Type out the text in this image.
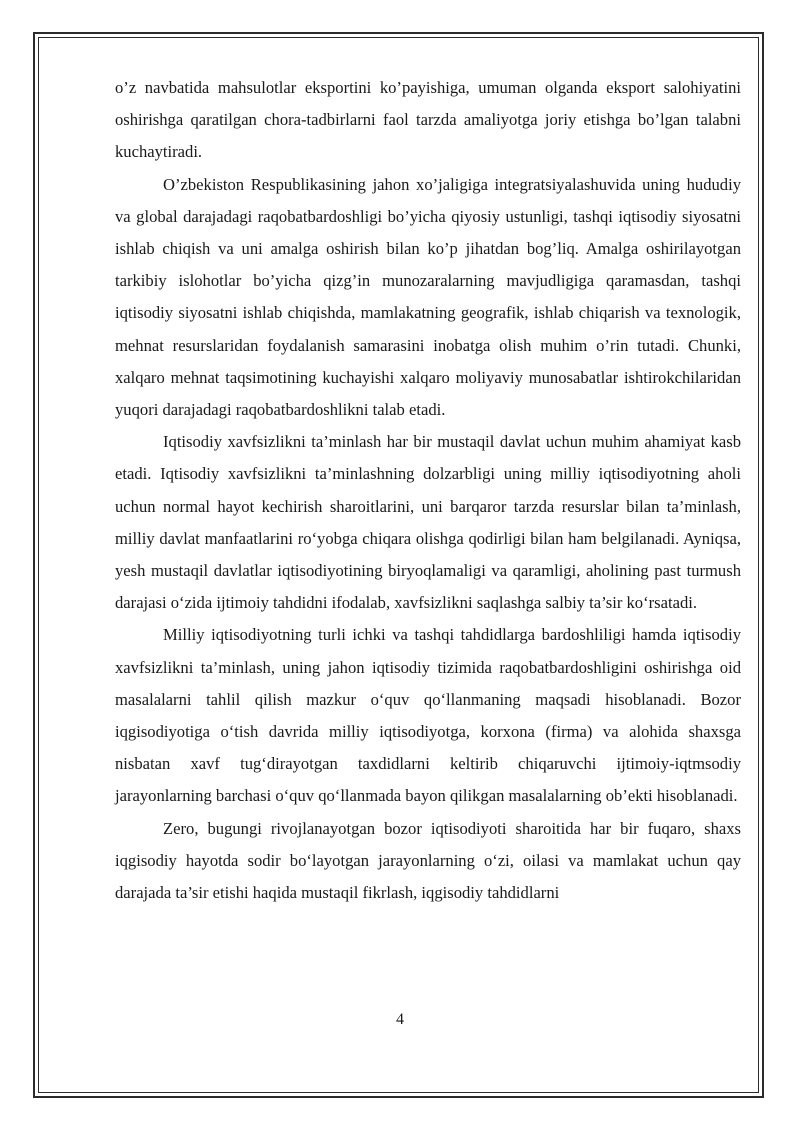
o’z navbatida mahsulotlar eksportini ko’payishiga, umuman olganda eksport salohiyatini oshirishga qaratilgan chora-tadbirlarni faol tarzda amaliyotga joriy etishga bo’lgan talabni kuchaytiradi.

O’zbekiston Respublikasining jahon xo’jaligiga integratsiyalashuvida uning hududiy va global darajadagi raqobatbardoshligi bo’yicha qiyosiy ustunligi, tashqi iqtisodiy siyosatni ishlab chiqish va uni amalga oshirish bilan ko’p jihatdan bog’liq. Amalga oshirilayotgan tarkibiy islohotlar bo’yicha qizg’in munozaralarning mavjudligiga qaramasdan, tashqi iqtisodiy siyosatni ishlab chiqishda, mamlakatning geografik, ishlab chiqarish va texnologik, mehnat resurslaridan foydalanish samarasini inobatga olish muhim o’rin tutadi. Chunki, xalqaro mehnat taqsimotining kuchayishi xalqaro moliyaviy munosabatlar ishtirokchilaridan yuqori darajadagi raqobatbardoshlikni talab etadi.

Iqtisodiy xavfsizlikni ta’minlash har bir mustaqil davlat uchun muhim ahamiyat kasb etadi. Iqtisodiy xavfsizlikni ta’minlashning dolzarbligi uning milliy iqtisodiyotning aholi uchun normal hayot kechirish sharoitlarini, uni barqaror tarzda resurslar bilan ta’minlash, milliy davlat manfaatlarini ro‘yobga chiqara olishga qodirligi bilan ham belgilanadi. Ayniqsa, yesh mustaqil davlatlar iqtisodiyotining biryoqlamaligi va qaramligi, aholining past turmush darajasi o‘zida ijtimoiy tahdidni ifodalab, xavfsizlikni saqlashga salbiy ta’sir ko‘rsatadi.

Milliy iqtisodiyotning turli ichki va tashqi tahdidlarga bardoshliligi hamda iqtisodiy xavfsizlikni ta’minlash, uning jahon iqtisodiy tizimida raqobatbardoshligini oshirishga oid masalalarni tahlil qilish mazkur o‘quv qo‘llanmaning maqsadi hisoblanadi. Bozor iqgisodiyotiga o‘tish davrida milliy iqtisodiyotga, korxona (firma) va alohida shaxsga nisbatan xavf tug‘dirayotgan taxdidlarni keltirib chiqaruvchi ijtimoiy-iqtmsodiy jarayonlarning barchasi o‘quv qo‘llanmada bayon qilikgan masalalarning ob’ekti hisoblanadi.

Zero, bugungi rivojlanayotgan bozor iqtisodiyoti sharoitida har bir fuqaro, shaxs iqgisodiy hayotda sodir bo‘layotgan jarayonlarning o‘zi, oilasi va mamlakat uchun qay darajada ta’sir etishi haqida mustaqil fikrlash, iqgisodiy tahdidlarni

4
